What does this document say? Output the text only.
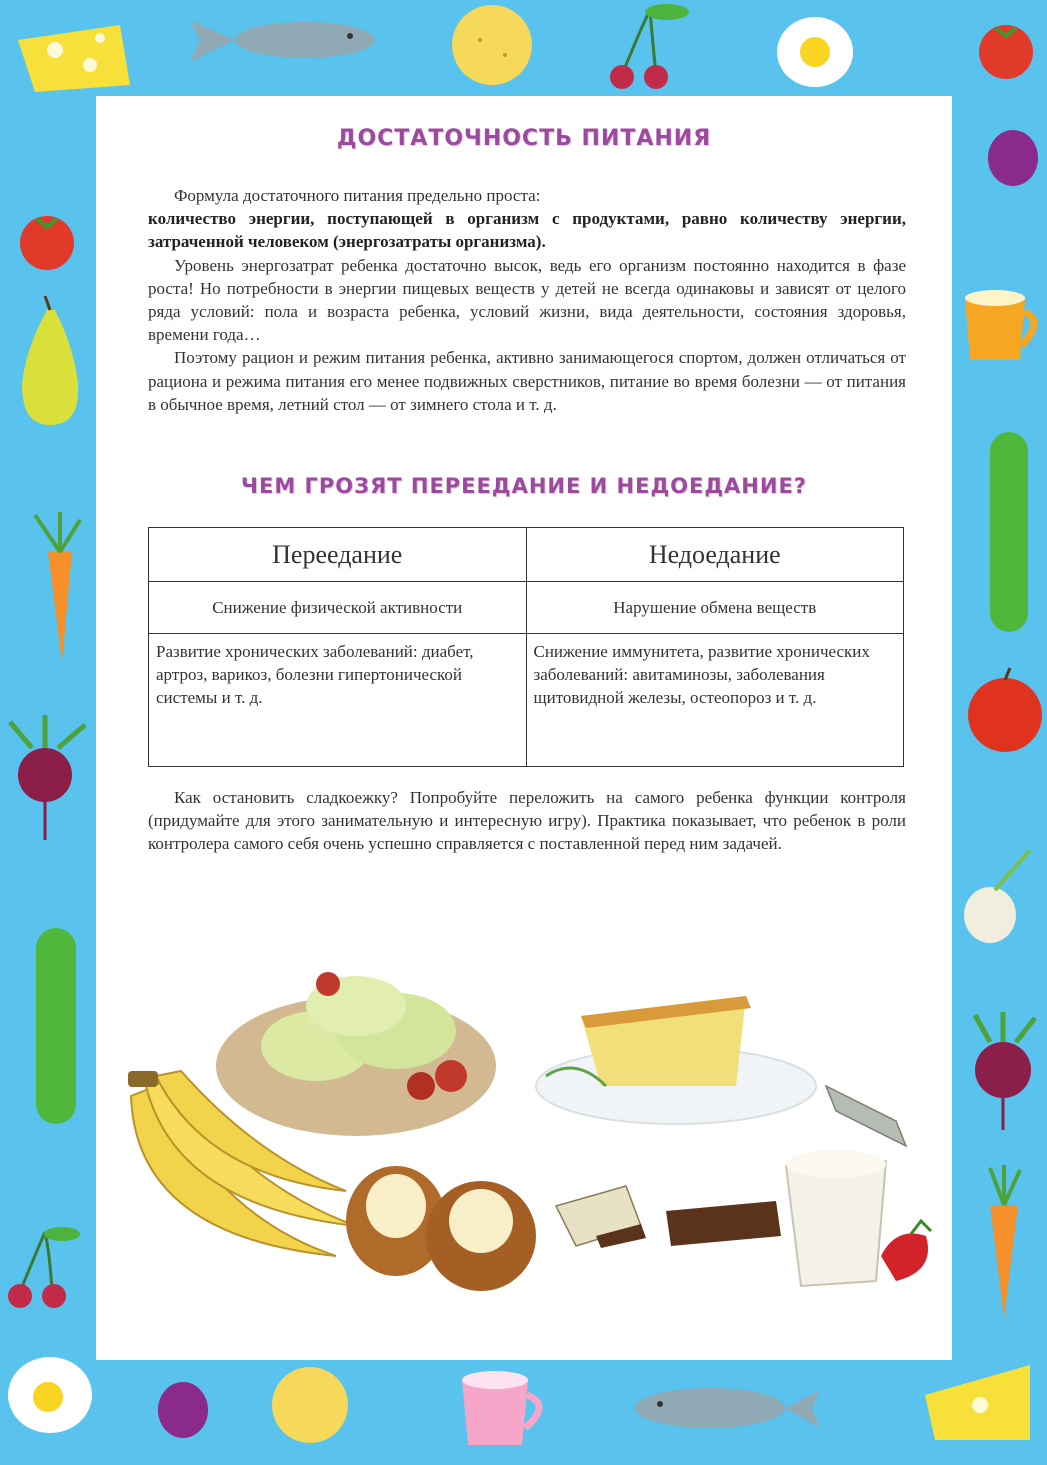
ДОСТАТОЧНОСТЬ ПИТАНИЯ

Формула достаточного питания предельно проста:

количество энергии, поступающей в организм с продуктами, равно количеству энергии, затраченной человеком (энергозатраты организма).

Уровень энергозатрат ребенка достаточно высок, ведь его организм постоянно находится в фазе роста! Но потребности в энергии пищевых веществ у детей не всегда одинаковы и зависят от целого ряда условий: пола и возраста ребенка, условий жизни, вида деятельности, состояния здоровья, времени года…

Поэтому рацион и режим питания ребенка, активно занимающегося спортом, должен отличаться от рациона и режима питания его менее подвижных сверстников, питание во время болезни — от питания в обычное время, летний стол — от зимнего стола и т. д.

ЧЕМ ГРОЗЯТ ПЕРЕЕДАНИЕ И НЕДОЕДАНИЕ?
Переедание	Недоедание
Снижение физической активности	Нарушение обмена веществ
Развитие хронических заболеваний: диабет, артроз, варикоз, болезни гипертонической системы и т. д.	Снижение иммунитета, развитие хронических заболеваний: авитаминозы, заболевания щитовидной железы, остеопороз и т. д.

Как остановить сладкоежку? Попробуйте переложить на самого ребенка функции контроля (придумайте для этого занимательную и интересную игру). Практика показывает, что ребенок в роли контролера самого себя очень успешно справляется с поставленной перед ним задачей.
